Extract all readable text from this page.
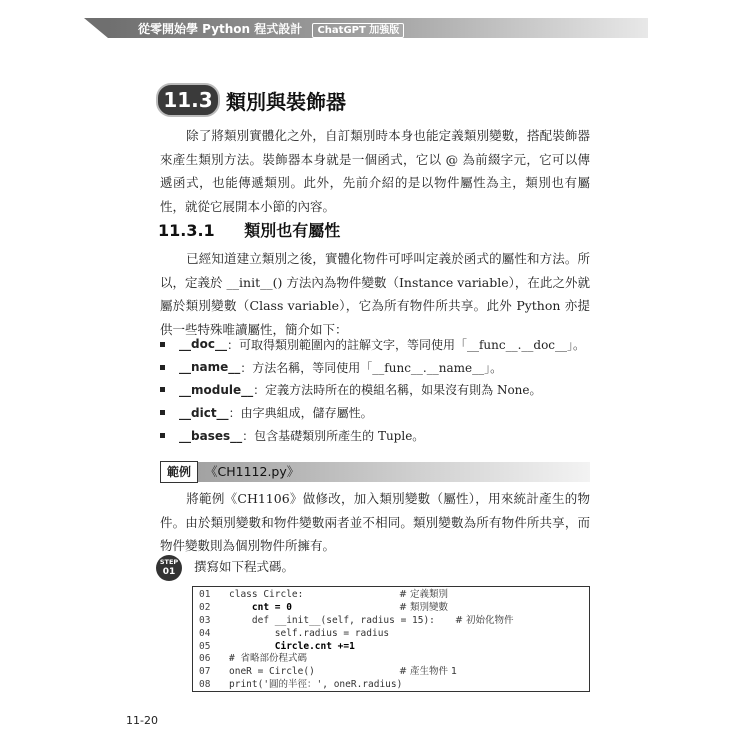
從零開始學 Python 程式設計 ChatGPT 加強版
11.3 類別與裝飾器
除了將類別實體化之外，自訂類別時本身也能定義類別變數，搭配裝飾器來產生類別方法。裝飾器本身就是一個函式，它以 @ 為前綴字元，它可以傳遞函式，也能傳遞類別。此外，先前介紹的是以物件屬性為主，類別也有屬性，就從它展開本小節的內容。
11.3.1 類別也有屬性
已經知道建立類別之後，實體化物件可呼叫定義於函式的屬性和方法。所以，定義於 __init__() 方法內為物件變數（Instance variable），在此之外就屬於類別變數（Class variable），它為所有物件所共享。此外 Python 亦提供一些特殊唯讀屬性，簡介如下：
__doc__ ：可取得類別範圍內的註解文字，等同使用「__func__.__doc__」。
__name__ ：方法名稱，等同使用「__func__.__name__」。
__module__ ：定義方法時所在的模組名稱，如果沒有則為 None。
__dict__ ：由字典組成，儲存屬性。
__bases__ ：包含基礎類別所產生的 Tuple。
範例	《CH1112.py》
將範例《CH1106》做修改，加入類別變數（屬性），用來統計產生的物件。由於類別變數和物件變數兩者並不相同。類別變數為所有物件所共享，而物件變數則為個別物件所擁有。
STEP
01	撰寫如下程式碼。
01	class Circle:	# 定義類別
02	cnt = 0	# 類別變數
03	def __init__(self, radius = 15):	# 初始化物件
04	self.radius = radius
05	Circle.cnt +=1
06	# 省略部份程式碼
07	oneR = Circle()	# 產生物件 1
08	print('圓的半徑：', oneR.radius)
11-20
